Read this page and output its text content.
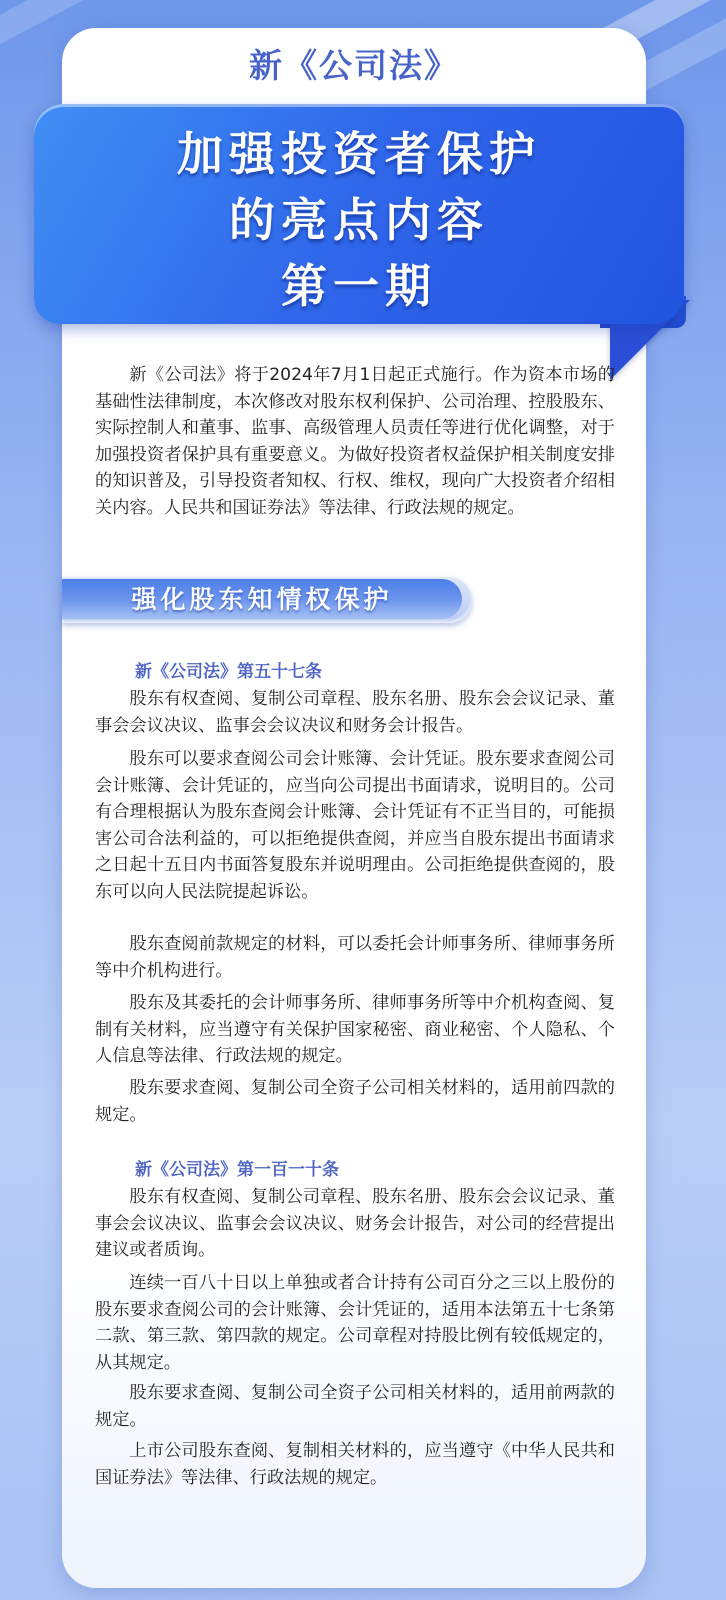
新《公司法》
加强投资者保护
的亮点内容
第一期

新《公司法》将于2024年7月1日起正式施行。作为资本市场的基础性法律制度，本次修改对股东权利保护、公司治理、控股股东、实际控制人和董事、监事、高级管理人员责任等进行优化调整，对于加强投资者保护具有重要意义。为做好投资者权益保护相关制度安排的知识普及，引导投资者知权、行权、维权，现向广大投资者介绍相关内容。人民共和国证券法》等法律、行政法规的规定。

强化股东知情权保护
新《公司法》第五十七条

股东有权查阅、复制公司章程、股东名册、股东会会议记录、董事会会议决议、监事会会议决议和财务会计报告。

股东可以要求查阅公司会计账簿、会计凭证。股东要求查阅公司会计账簿、会计凭证的，应当向公司提出书面请求，说明目的。公司有合理根据认为股东查阅会计账簿、会计凭证有不正当目的，可能损害公司合法利益的，可以拒绝提供查阅，并应当自股东提出书面请求之日起十五日内书面答复股东并说明理由。公司拒绝提供查阅的，股东可以向人民法院提起诉讼。

股东查阅前款规定的材料，可以委托会计师事务所、律师事务所等中介机构进行。

股东及其委托的会计师事务所、律师事务所等中介机构查阅、复制有关材料，应当遵守有关保护国家秘密、商业秘密、个人隐私、个人信息等法律、行政法规的规定。

股东要求查阅、复制公司全资子公司相关材料的，适用前四款的规定。

新《公司法》第一百一十条

股东有权查阅、复制公司章程、股东名册、股东会会议记录、董事会会议决议、监事会会议决议、财务会计报告，对公司的经营提出建议或者质询。

连续一百八十日以上单独或者合计持有公司百分之三以上股份的股东要求查阅公司的会计账簿、会计凭证的，适用本法第五十七条第二款、第三款、第四款的规定。公司章程对持股比例有较低规定的，从其规定。

股东要求查阅、复制公司全资子公司相关材料的，适用前两款的规定。

上市公司股东查阅、复制相关材料的，应当遵守《中华人民共和国证券法》等法律、行政法规的规定。
